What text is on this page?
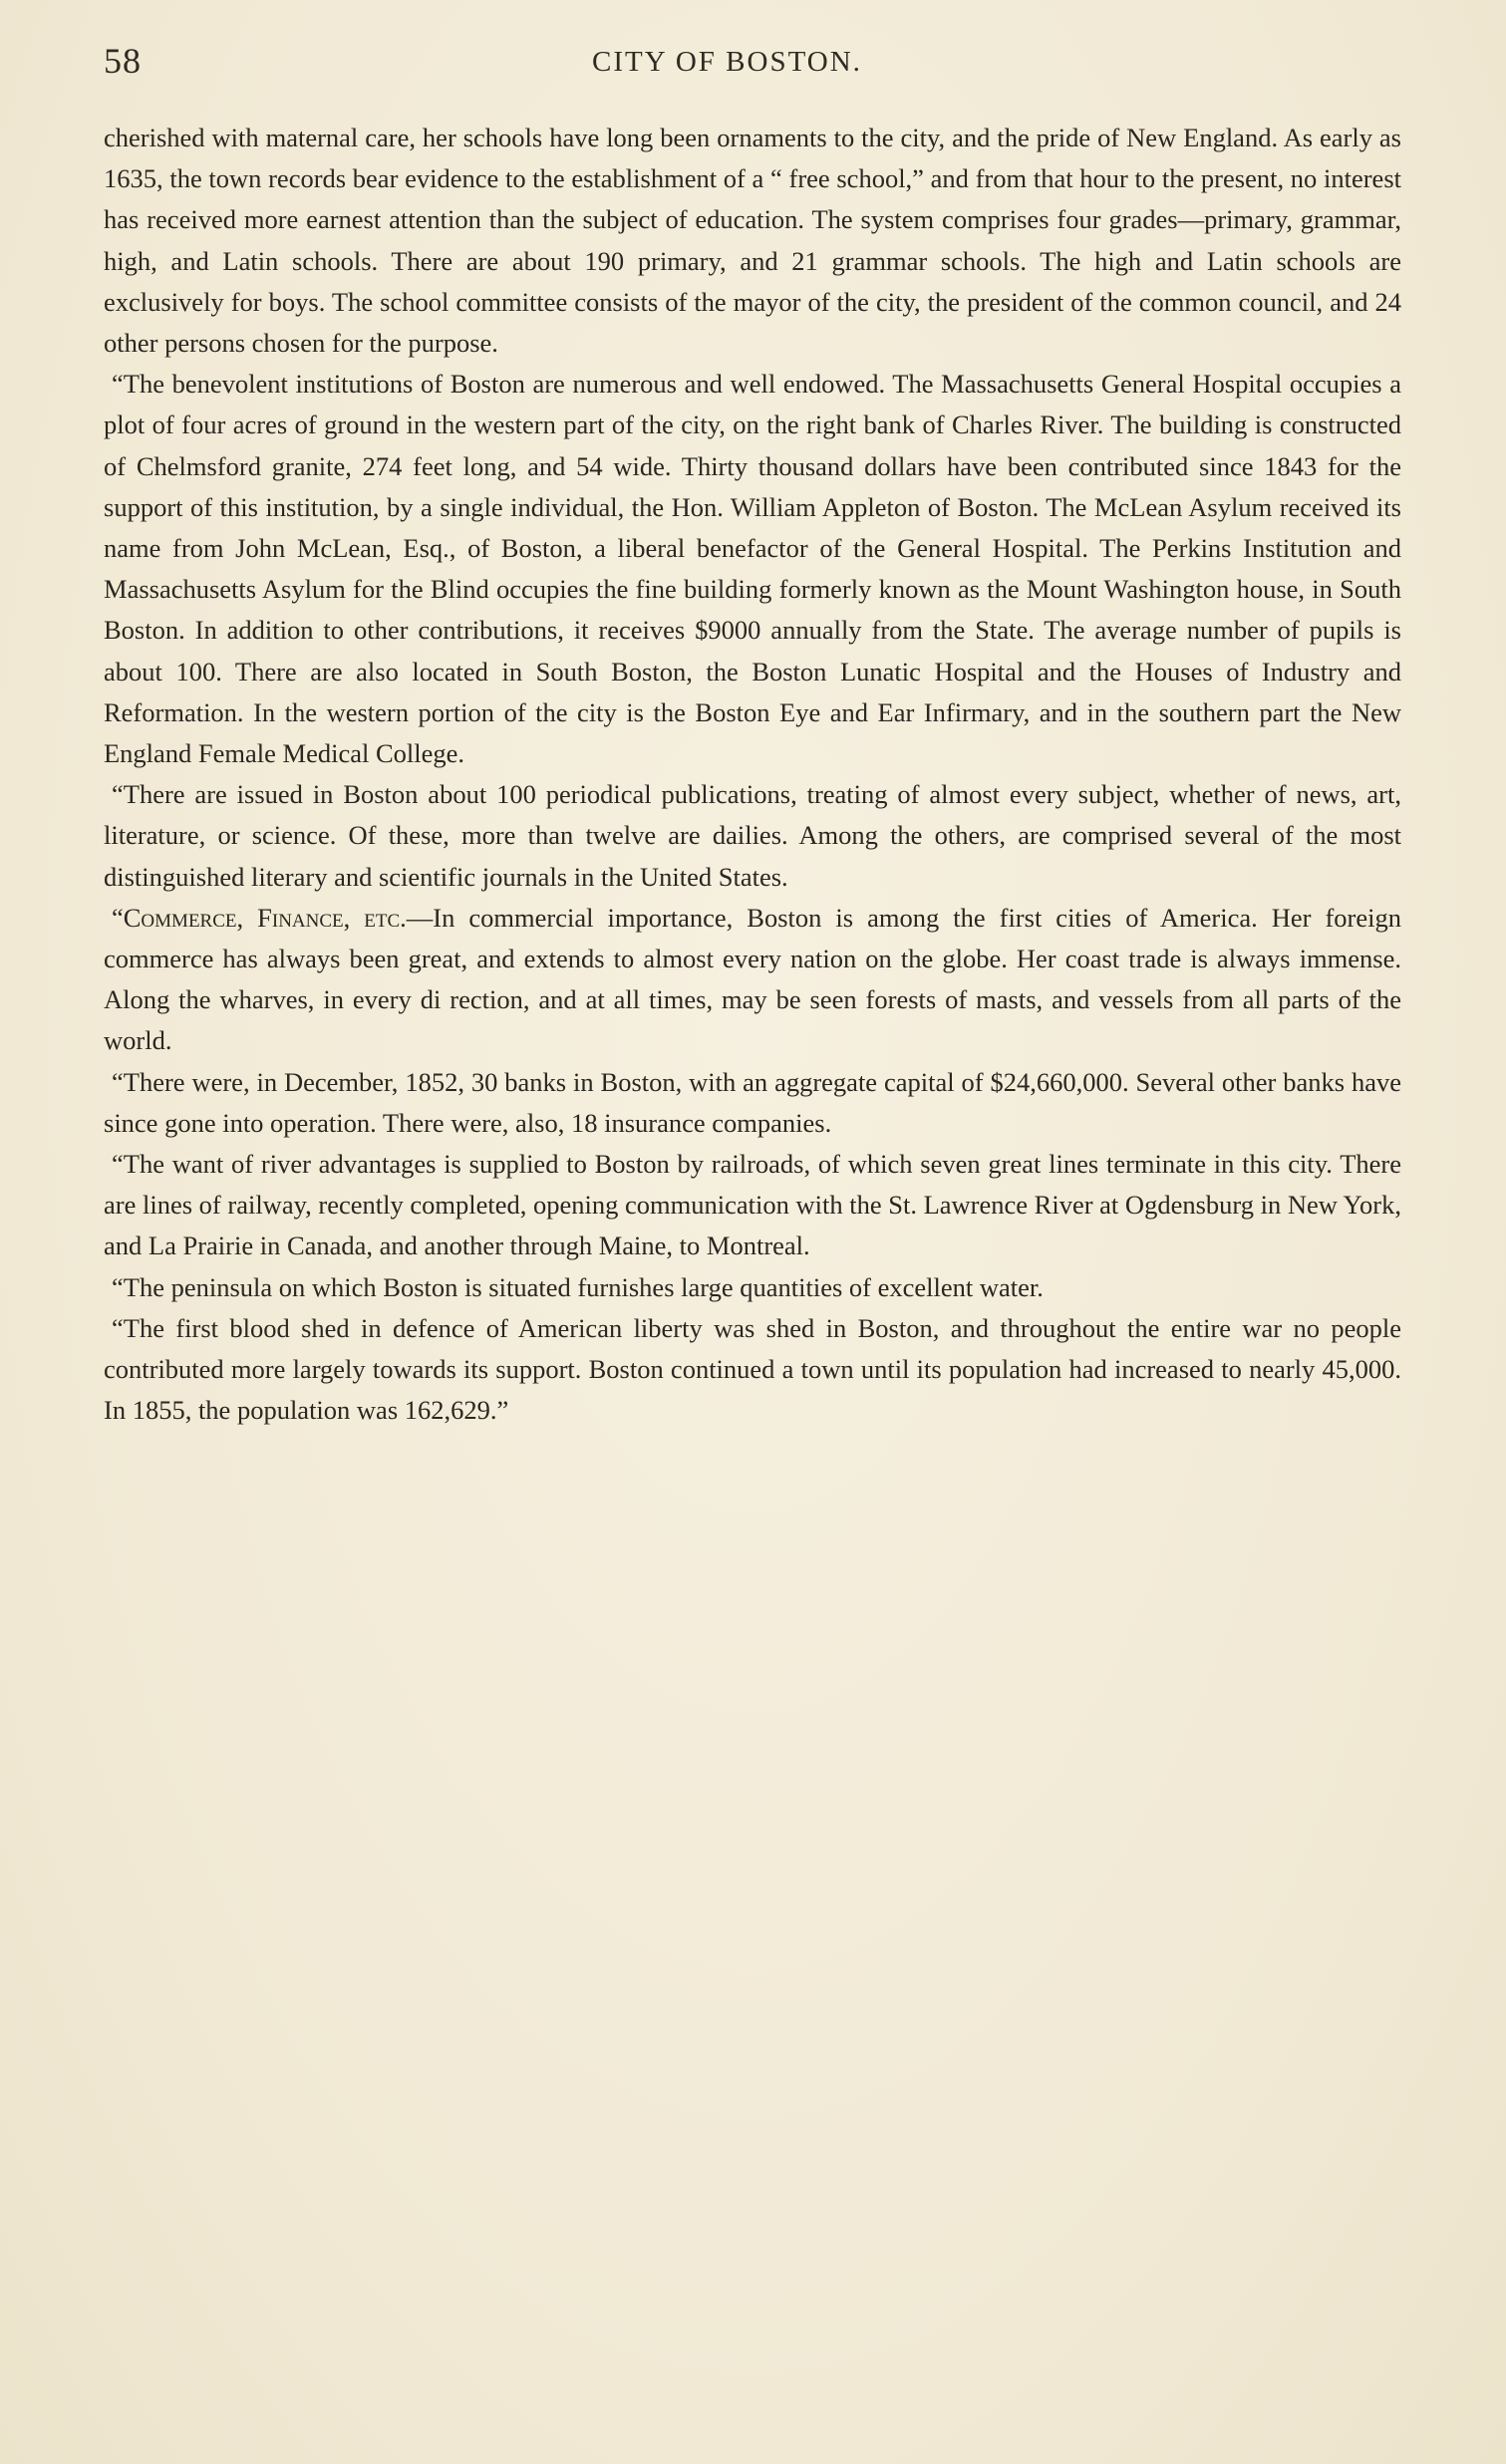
58	CITY OF BOSTON.

cherished with maternal care, her schools have long been ornaments to the city, and the pride of New England. As early as 1635, the town records bear evidence to the establishment of a “ free school,” and from that hour to the present, no interest has received more earnest attention than the subject of education. The system comprises four grades—primary, grammar, high, and Latin schools. There are about 190 primary, and 21 grammar schools. The high and Latin schools are exclusively for boys. The school committee consists of the mayor of the city, the president of the common council, and 24 other persons chosen for the purpose.

“The benevolent institutions of Boston are numerous and well endowed. The Massachusetts General Hospital occupies a plot of four acres of ground in the western part of the city, on the right bank of Charles River. The building is constructed of Chelmsford granite, 274 feet long, and 54 wide. Thirty thousand dollars have been contributed since 1843 for the support of this institution, by a single individual, the Hon. William Appleton of Boston. The McLean Asylum received its name from John McLean, Esq., of Boston, a liberal benefactor of the General Hospital. The Perkins Institution and Massachusetts Asylum for the Blind occupies the fine building formerly known as the Mount Washington house, in South Boston. In addition to other contributions, it receives $9000 annually from the State. The average number of pupils is about 100. There are also located in South Boston, the Boston Lunatic Hospital and the Houses of Industry and Reformation. In the western portion of the city is the Boston Eye and Ear Infirmary, and in the southern part the New England Female Medical College.

“There are issued in Boston about 100 periodical publications, treating of almost every subject, whether of news, art, literature, or science. Of these, more than twelve are dailies. Among the others, are comprised several of the most distinguished literary and scientific journals in the United States.

“Commerce, Finance, etc.—In commercial importance, Boston is among the first cities of America. Her foreign commerce has always been great, and extends to almost every nation on the globe. Her coast trade is always immense. Along the wharves, in every di rection, and at all times, may be seen forests of masts, and vessels from all parts of the world.

“There were, in December, 1852, 30 banks in Boston, with an aggregate capital of $24,660,000. Several other banks have since gone into operation. There were, also, 18 insurance companies.

“The want of river advantages is supplied to Boston by railroads, of which seven great lines terminate in this city. There are lines of railway, recently completed, opening communication with the St. Lawrence River at Ogdensburg in New York, and La Prairie in Canada, and another through Maine, to Montreal.

“The peninsula on which Boston is situated furnishes large quantities of excellent water.

“The first blood shed in defence of American liberty was shed in Boston, and throughout the entire war no people contributed more largely towards its support. Boston continued a town until its population had increased to nearly 45,000. In 1855, the population was 162,629.”
